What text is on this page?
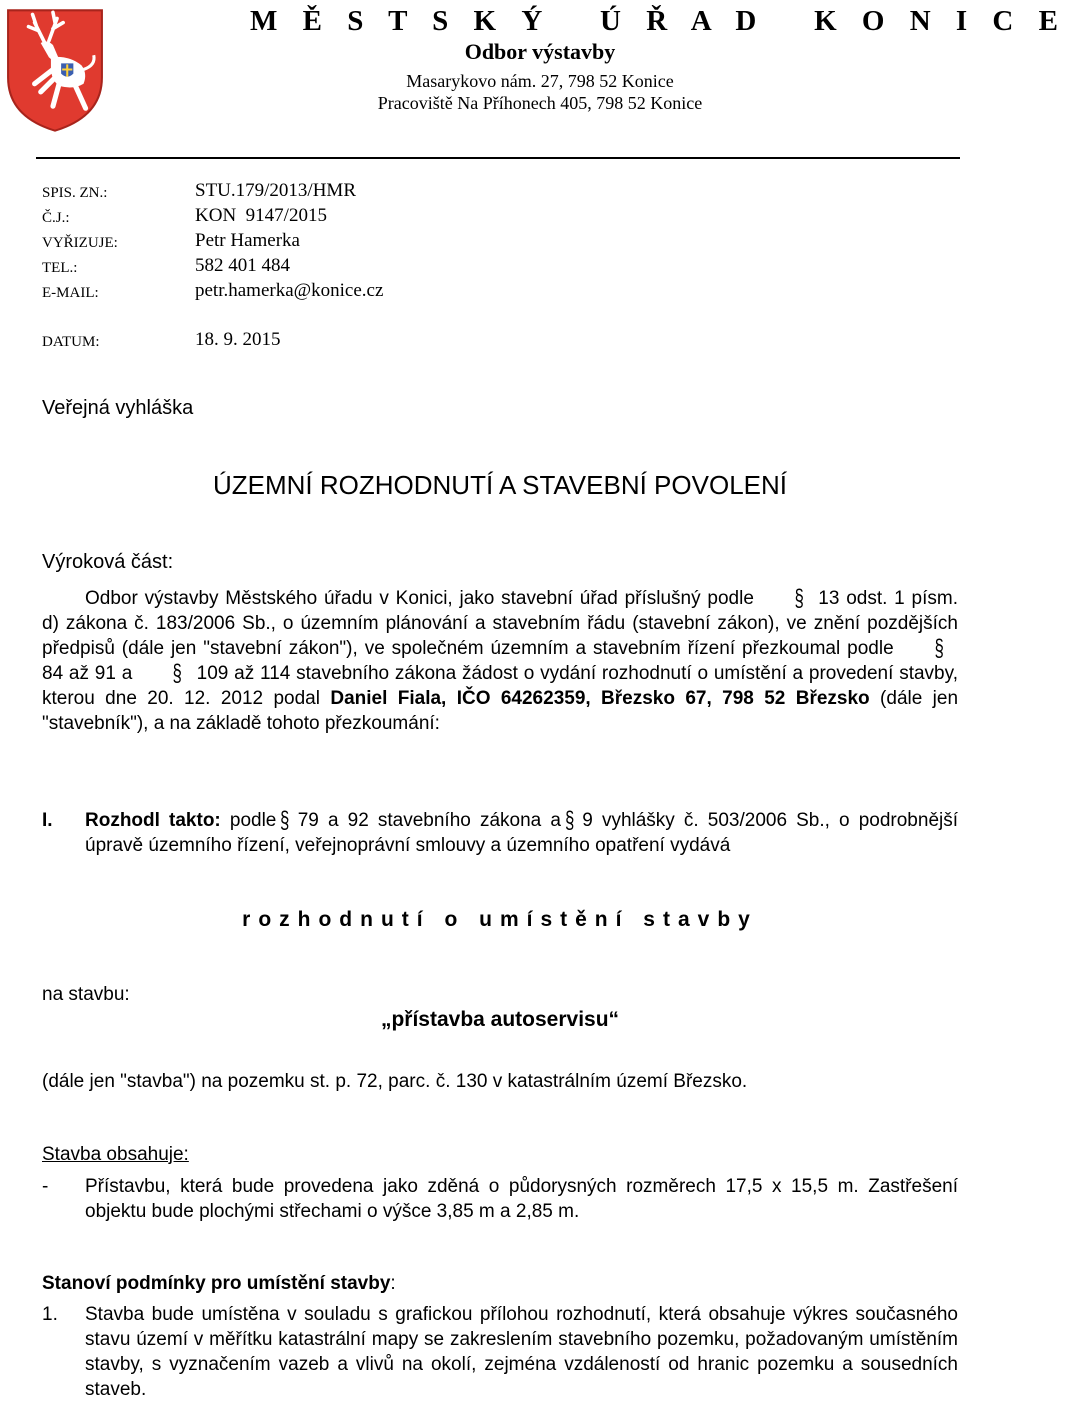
M Ě S T S K Ý   Ú Ř A D   K O N I C E
Odbor výstavby
Masarykovo nám. 27, 798 52 Konice
Pracoviště Na Příhonech 405, 798 52 Konice
SPIS. ZN.:	STU.179/2013/HMR
Č.J.:	KON  9147/2015
VYŘIZUJE:	Petr Hamerka
TEL.:	582 401 484
E-MAIL:	petr.hamerka@konice.cz
DATUM:	18. 9. 2015
Veřejná vyhláška
ÚZEMNÍ ROZHODNUTÍ A STAVEBNÍ POVOLENÍ
Výroková část:
Odbor výstavby Městského úřadu v Konici, jako stavební úřad příslušný podle § 13 odst. 1 písm. d) zákona č. 183/2006 Sb., o územním plánování a stavebním řádu (stavební zákon), ve znění pozdějších předpisů (dále jen "stavební zákon"), ve společném územním a stavebním řízení přezkoumal podle §84 až 91 a § 109 až 114 stavebního zákona žádost o vydání rozhodnutí o umístění a provedení stavby, kterou dne 20. 12. 2012 podal Daniel Fiala, IČO 64262359, Březsko 67, 798 52 Březsko (dále jen "stavebník"), a na základě tohoto přezkoumání:
I. Rozhodl takto: podle § 79 a 92 stavebního zákona a § 9 vyhlášky č. 503/2006 Sb., o podrobnější úpravě územního řízení, veřejnoprávní smlouvy a územního opatření vydává
rozhodnutí o umístění stavby
na stavbu:
„přístavba autoservisu“
(dále jen "stavba") na pozemku st. p. 72, parc. č. 130 v katastrálním území Březsko.
Stavba obsahuje:
- Přístavbu, která bude provedena jako zděná o půdorysných rozměrech 17,5 x 15,5 m. Zastřešení objektu bude plochými střechami o výšce 3,85 m a 2,85 m.
Stanoví podmínky pro umístění stavby:
1. Stavba bude umístěna v souladu s grafickou přílohou rozhodnutí, která obsahuje výkres současného stavu území v měřítku katastrální mapy se zakreslením stavebního pozemku, požadovaným umístěním stavby, s vyznačením vazeb a vlivů na okolí, zejména vzdáleností od hranic pozemku a sousedních staveb.
